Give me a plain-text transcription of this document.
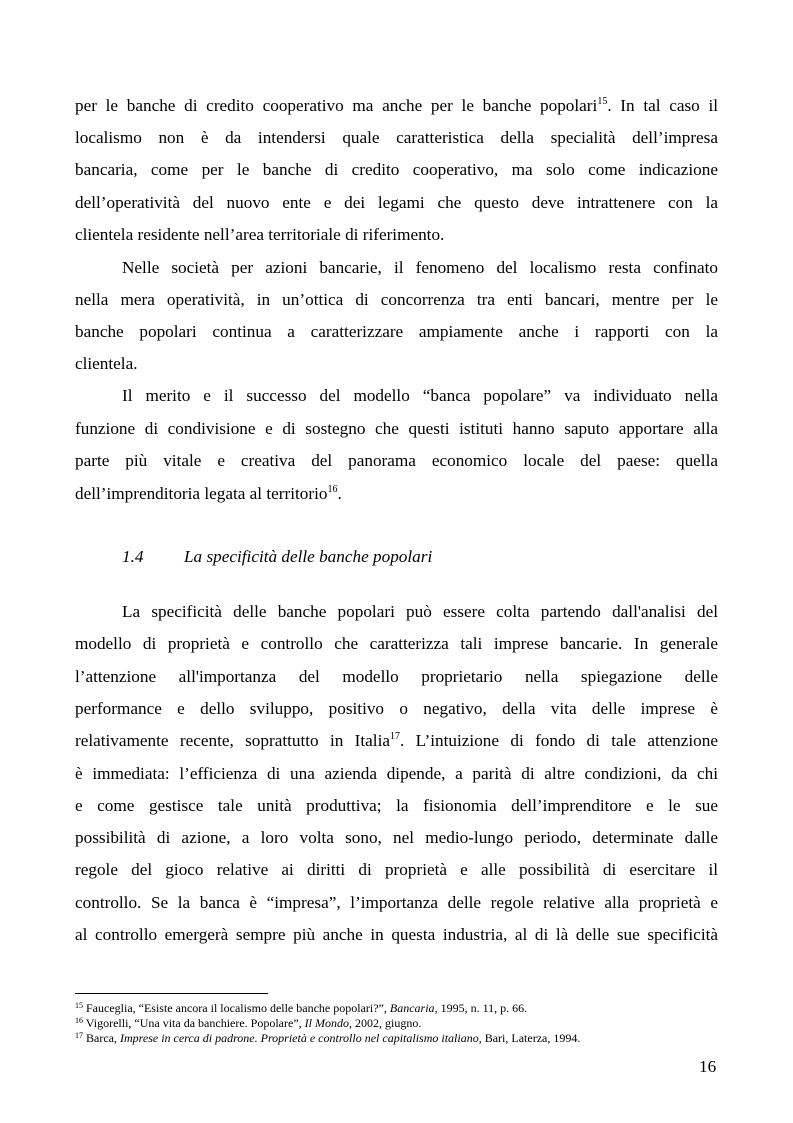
per le banche di credito cooperativo ma anche per le banche popolari$^{15}$. In tal caso il
localismo non è da intendersi quale caratteristica della specialità dell’impresa
bancaria, come per le banche di credito cooperativo, ma solo come indicazione
dell’operatività del nuovo ente e dei legami che questo deve intrattenere con la
clientela residente nell’area territoriale di riferimento.
Nelle società per azioni bancarie, il fenomeno del localismo resta confinato
nella mera operatività, in un’ottica di concorrenza tra enti bancari, mentre per le
banche popolari continua a caratterizzare ampiamente anche i rapporti con la
clientela.
Il merito e il successo del modello “banca popolare” va individuato nella
funzione di condivisione e di sostegno che questi istituti hanno saputo apportare alla
parte più vitale e creativa del panorama economico locale del paese: quella
dell’imprenditoria legata al territorio$^{16}$.
1.4 La specificità delle banche popolari
La specificità delle banche popolari può essere colta partendo dall'analisi del
modello di proprietà e controllo che caratterizza tali imprese bancarie. In generale
l’attenzione all'importanza del modello proprietario nella spiegazione delle
performance e dello sviluppo, positivo o negativo, della vita delle imprese è
relativamente recente, soprattutto in Italia$^{17}$. L’intuizione di fondo di tale attenzione
è immediata: l’efficienza di una azienda dipende, a parità di altre condizioni, da chi
e come gestisce tale unità produttiva; la fisionomia dell’imprenditore e le sue
possibilità di azione, a loro volta sono, nel medio-lungo periodo, determinate dalle
regole del gioco relative ai diritti di proprietà e alle possibilità di esercitare il
controllo. Se la banca è “impresa”, l’importanza delle regole relative alla proprietà e
al controllo emergerà sempre più anche in questa industria, al di là delle sue specificità
$^{15}$ Fauceglia, “Esiste ancora il localismo delle banche popolari?”, Bancaria, 1995, n. 11, p. 66.
$^{16}$ Vigorelli, “Una vita da banchiere. Popolare”, Il Mondo, 2002, giugno.
$^{17}$ Barca, Imprese in cerca di padrone. Proprietà e controllo nel capitalismo italiano, Bari, Laterza, 1994.
16
